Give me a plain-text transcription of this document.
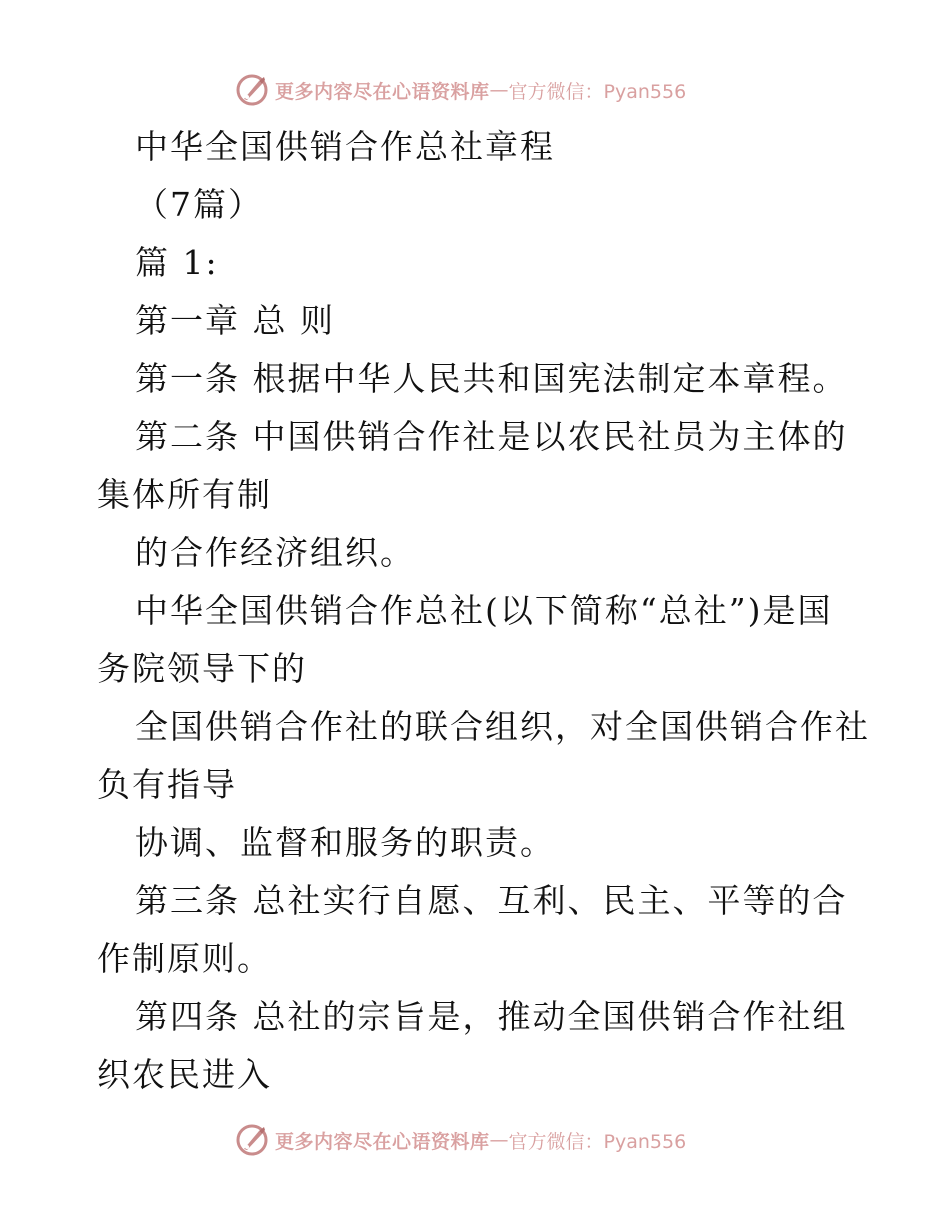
更多内容尽在心语资料库 — 官方微信：Pyan556
中华全国供销合作总社章程
（7篇）
篇 1:
第一章 总 则
第一条 根据中华人民共和国宪法制定本章程。
第二条 中国供销合作社是以农民社员为主体的
集体所有制
的合作经济组织。
中华全国供销合作总社(以下简称“总社”)是国
务院领导下的
全国供销合作社的联合组织，对全国供销合作社
负有指导
协调、监督和服务的职责。
第三条 总社实行自愿、互利、民主、平等的合
作制原则。
第四条 总社的宗旨是，推动全国供销合作社组
织农民进入
更多内容尽在心语资料库 — 官方微信：Pyan556
